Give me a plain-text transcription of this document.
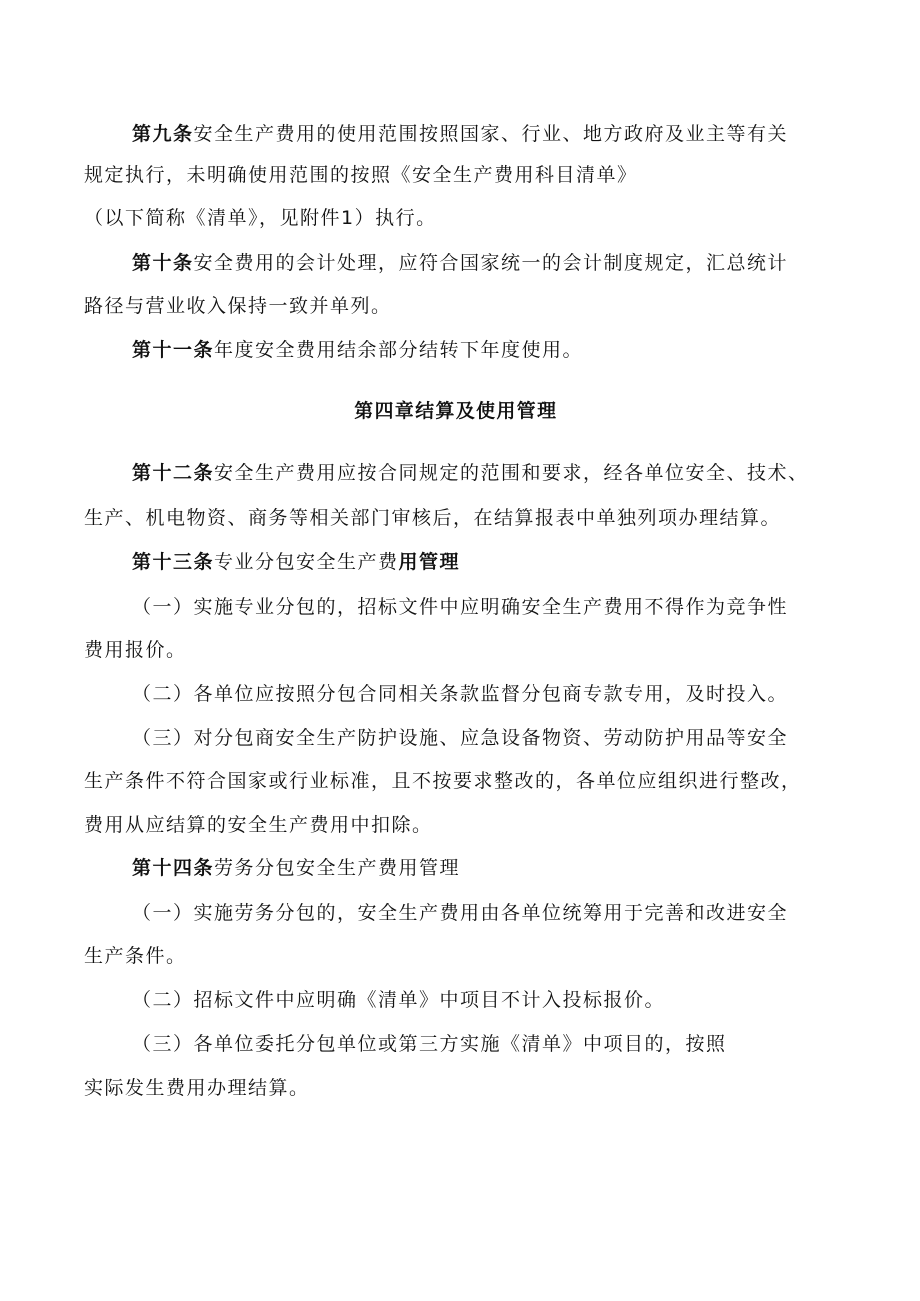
第九条安全生产费用的使用范围按照国家、行业、地方政府及业主等有关
规定执行，未明确使用范围的按照《安全生产费用科目清单》
（以下简称《清单》，见附件1）执行。
第十条安全费用的会计处理，应符合国家统一的会计制度规定，汇总统计
路径与营业收入保持一致并单列。
第十一条年度安全费用结余部分结转下年度使用。
第四章结算及使用管理
第十二条安全生产费用应按合同规定的范围和要求，经各单位安全、技术、
生产、机电物资、商务等相关部门审核后，在结算报表中单独列项办理结算。
第十三条专业分包安全生产费用管理
（一）实施专业分包的，招标文件中应明确安全生产费用不得作为竞争性
费用报价。
（二）各单位应按照分包合同相关条款监督分包商专款专用，及时投入。
（三）对分包商安全生产防护设施、应急设备物资、劳动防护用品等安全
生产条件不符合国家或行业标准，且不按要求整改的，各单位应组织进行整改，
费用从应结算的安全生产费用中扣除。
第十四条劳务分包安全生产费用管理
（一）实施劳务分包的，安全生产费用由各单位统筹用于完善和改进安全
生产条件。
（二）招标文件中应明确《清单》中项目不计入投标报价。
（三）各单位委托分包单位或第三方实施《清单》中项目的，按照
实际发生费用办理结算。
